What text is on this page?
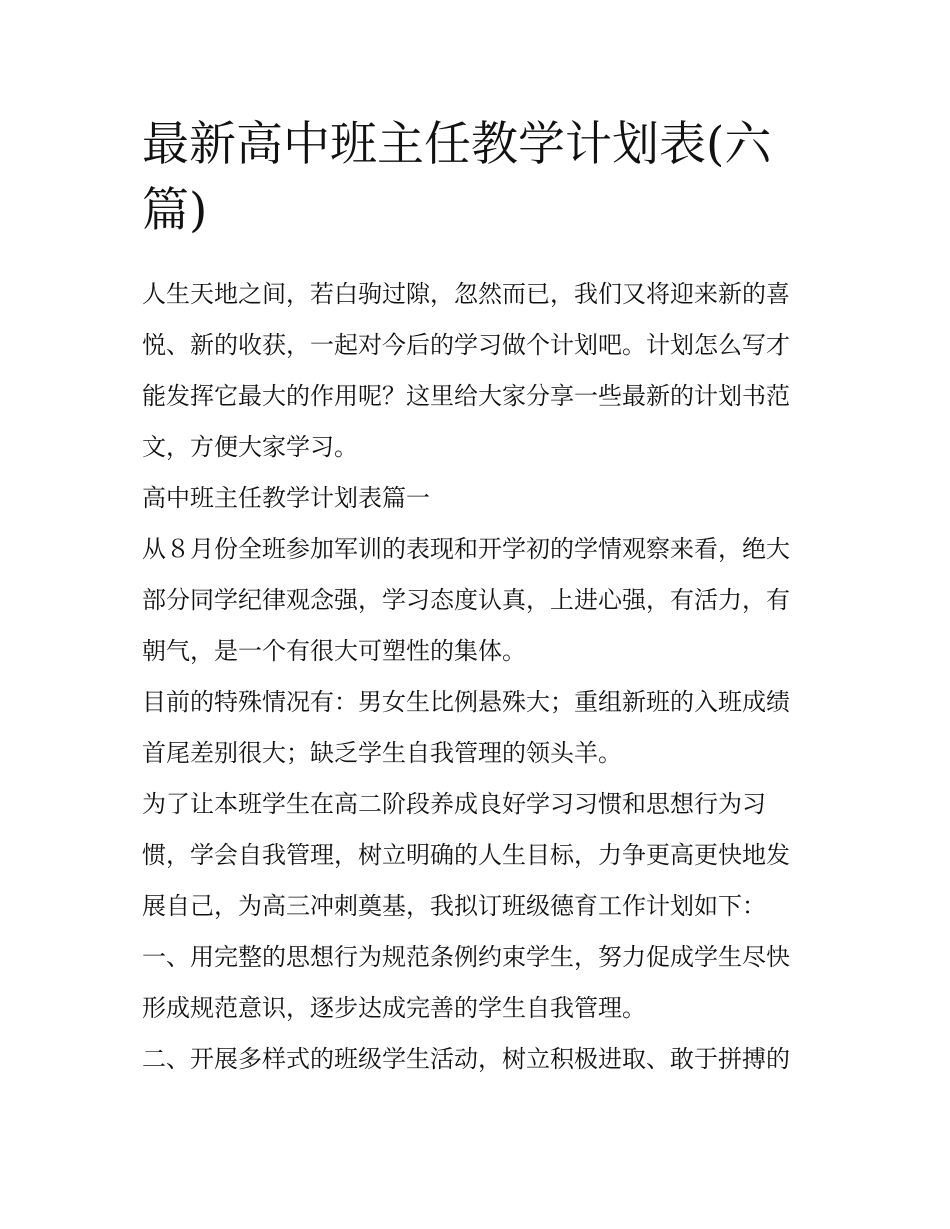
最新高中班主任教学计划表(六
篇)

人生天地之间，若白驹过隙，忽然而已，我们又将迎来新的喜
悦、新的收获，一起对今后的学习做个计划吧。计划怎么写才
能发挥它最大的作用呢？这里给大家分享一些最新的计划书范
文，方便大家学习。

高中班主任教学计划表篇一

从８月份全班参加军训的表现和开学初的学情观察来看，绝大
部分同学纪律观念强，学习态度认真，上进心强，有活力，有
朝气，是一个有很大可塑性的集体。

目前的特殊情况有：男女生比例悬殊大；重组新班的入班成绩
首尾差别很大；缺乏学生自我管理的领头羊。

为了让本班学生在高二阶段养成良好学习习惯和思想行为习
惯，学会自我管理，树立明确的人生目标，力争更高更快地发
展自己，为高三冲刺奠基，我拟订班级德育工作计划如下：

一、用完整的思想行为规范条例约束学生，努力促成学生尽快
形成规范意识，逐步达成完善的学生自我管理。

二、开展多样式的班级学生活动，树立积极进取、敢于拼搏的
